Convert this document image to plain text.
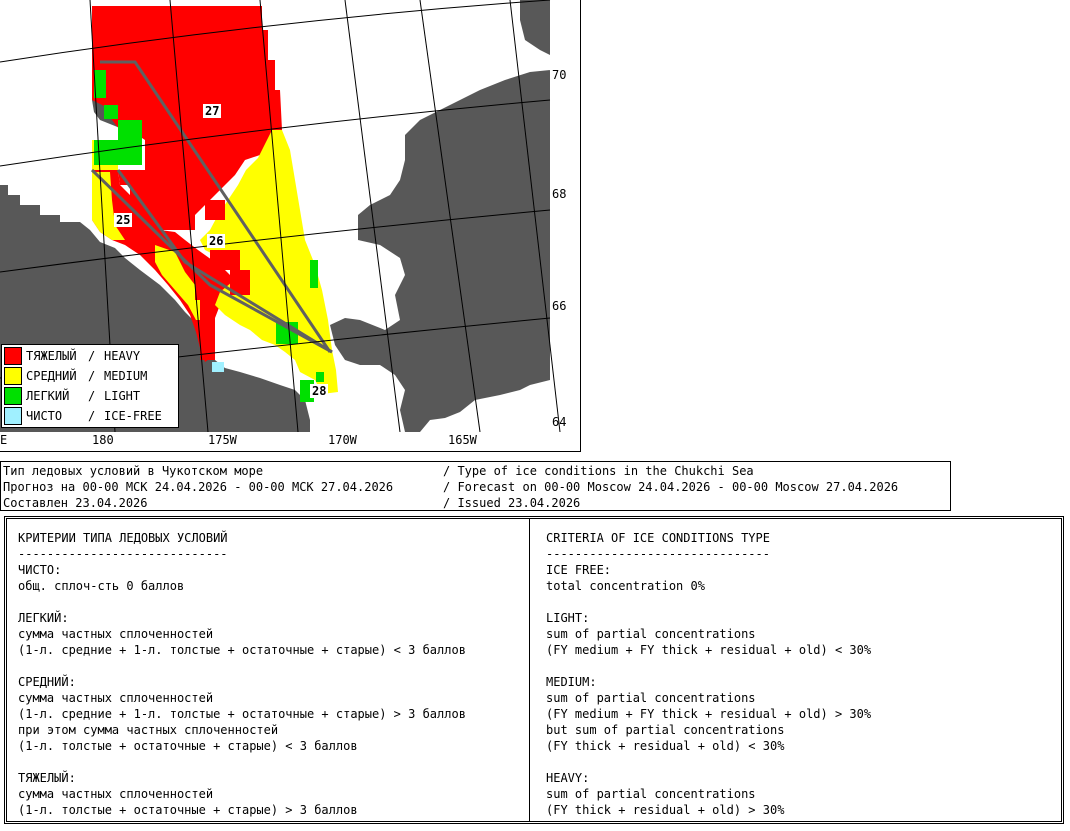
70
68
66
64
E	180	175W	170W	165W
27
25
26
28

ТЯЖЕЛЫЙ

/

HEAVY

СРЕДНИЙ

/

MEDIUM

ЛЕГКИЙ

/

LIGHT

ЧИСТО

/

ICE-FREE

Тип ледовых условий в Чукотском море
Прогноз на 00-00 МСК 24.04.2026 - 00-00 МСК 27.04.2026
Составлен 23.04.2026
/ Type of ice conditions in the Chukchi Sea
/ Forecast on 00-00 Moscow 24.04.2026 - 00-00 Moscow 27.04.2026
/ Issued 23.04.2026
КРИТЕРИИ ТИПА ЛЕДОВЫХ УСЛОВИЙ
-----------------------------
ЧИСТО:
общ. сплоч-сть 0 баллов

ЛЕГКИЙ:
сумма частных сплоченностей
(1-л. средние + 1-л. толстые + остаточные + старые) < 3 баллов

СРЕДНИЙ:
сумма частных сплоченностей
(1-л. средние + 1-л. толстые + остаточные + старые) > 3 баллов
при этом сумма частных сплоченностей
(1-л. толстые + остаточные + старые) < 3 баллов

ТЯЖЕЛЫЙ:
сумма частных сплоченностей
(1-л. толстые + остаточные + старые) > 3 баллов
CRITERIA OF ICE CONDITIONS TYPE
-------------------------------
ICE FREE:
total concentration 0%

LIGHT:
sum of partial concentrations
(FY medium + FY thick + residual + old) < 30%

MEDIUM:
sum of partial concentrations
(FY medium + FY thick + residual + old) > 30%
but sum of partial concentrations
(FY thick + residual + old) < 30%

HEAVY:
sum of partial concentrations
(FY thick + residual + old) > 30%
